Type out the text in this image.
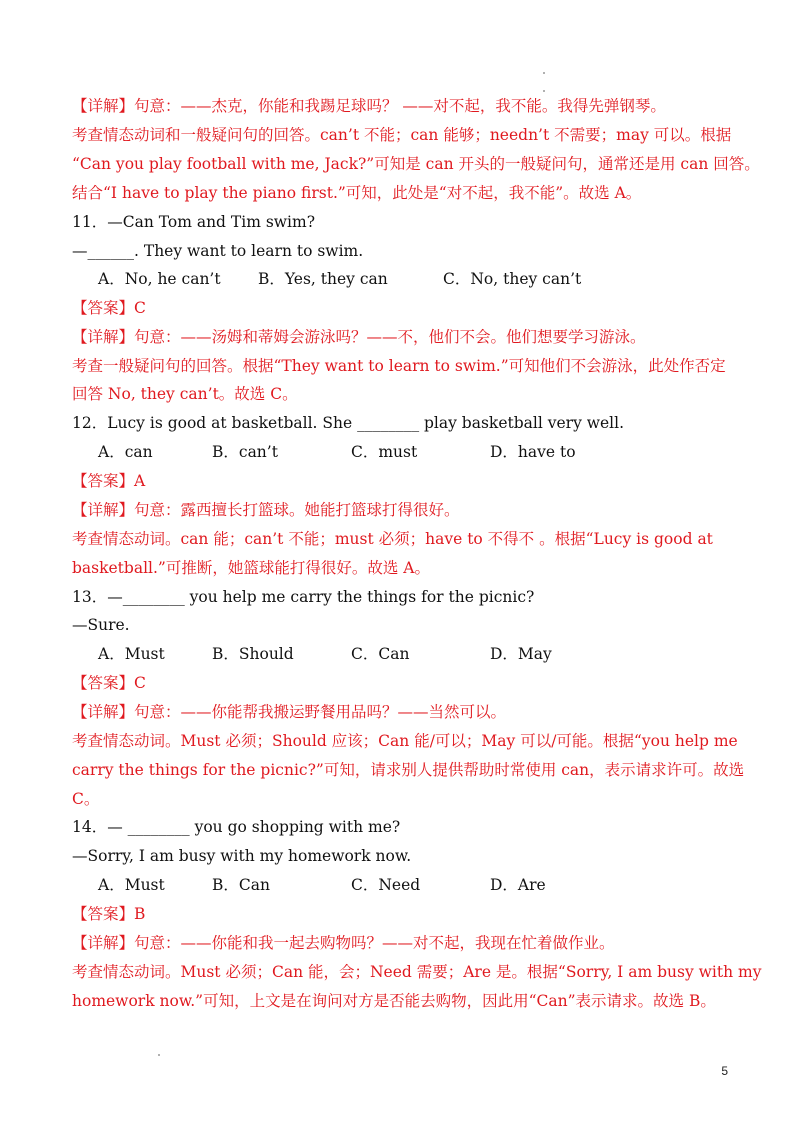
【详解】句意：——杰克，你能和我踢足球吗？ ——对不起，我不能。我得先弹钢琴。
考查情态动词和一般疑问句的回答。can’t 不能；can 能够；needn’t 不需要；may 可以。根据
“Can you play football with me, Jack?”可知是 can 开头的一般疑问句，通常还是用 can 回答。
结合“I have to play the piano first.”可知，此处是“对不起，我不能”。故选 A。
11．—Can Tom and Tim swim?
—______. They want to learn to swim.
A．No, he can’t B．Yes, they can	C．No, they can’t
【答案】C
【详解】句意：——汤姆和蒂姆会游泳吗？——不，他们不会。他们想要学习游泳。
考查一般疑问句的回答。根据“They want to learn to swim.”可知他们不会游泳，此处作否定
回答 No, they can’t。故选 C。
12．Lucy is good at basketball. She ________ play basketball very well.
A．can	B．can’t	C．must	D．have to
【答案】A
【详解】句意：露西擅长打篮球。她能打篮球打得很好。
考查情态动词。can 能；can’t 不能；must 必须；have to 不得不 。根据“Lucy is good at
basketball.”可推断，她篮球能打得很好。故选 A。
13．—________ you help me carry the things for the picnic?
—Sure.
A．Must	B．Should	C．Can	D．May
【答案】C
【详解】句意：——你能帮我搬运野餐用品吗？——当然可以。
考查情态动词。Must 必须；Should 应该；Can 能/可以；May 可以/可能。根据“you help me
carry the things for the picnic?”可知，请求别人提供帮助时常使用 can，表示请求许可。故选
C。
14．— ________ you go shopping with me?
—Sorry, I am busy with my homework now.
A．Must	B．Can	C．Need	D．Are
【答案】B
【详解】句意：——你能和我一起去购物吗？——对不起，我现在忙着做作业。
考查情态动词。Must 必须；Can 能，会；Need 需要；Are 是。根据“Sorry, I am busy with my
homework now.”可知，上文是在询问对方是否能去购物，因此用“Can”表示请求。故选 B。
5
